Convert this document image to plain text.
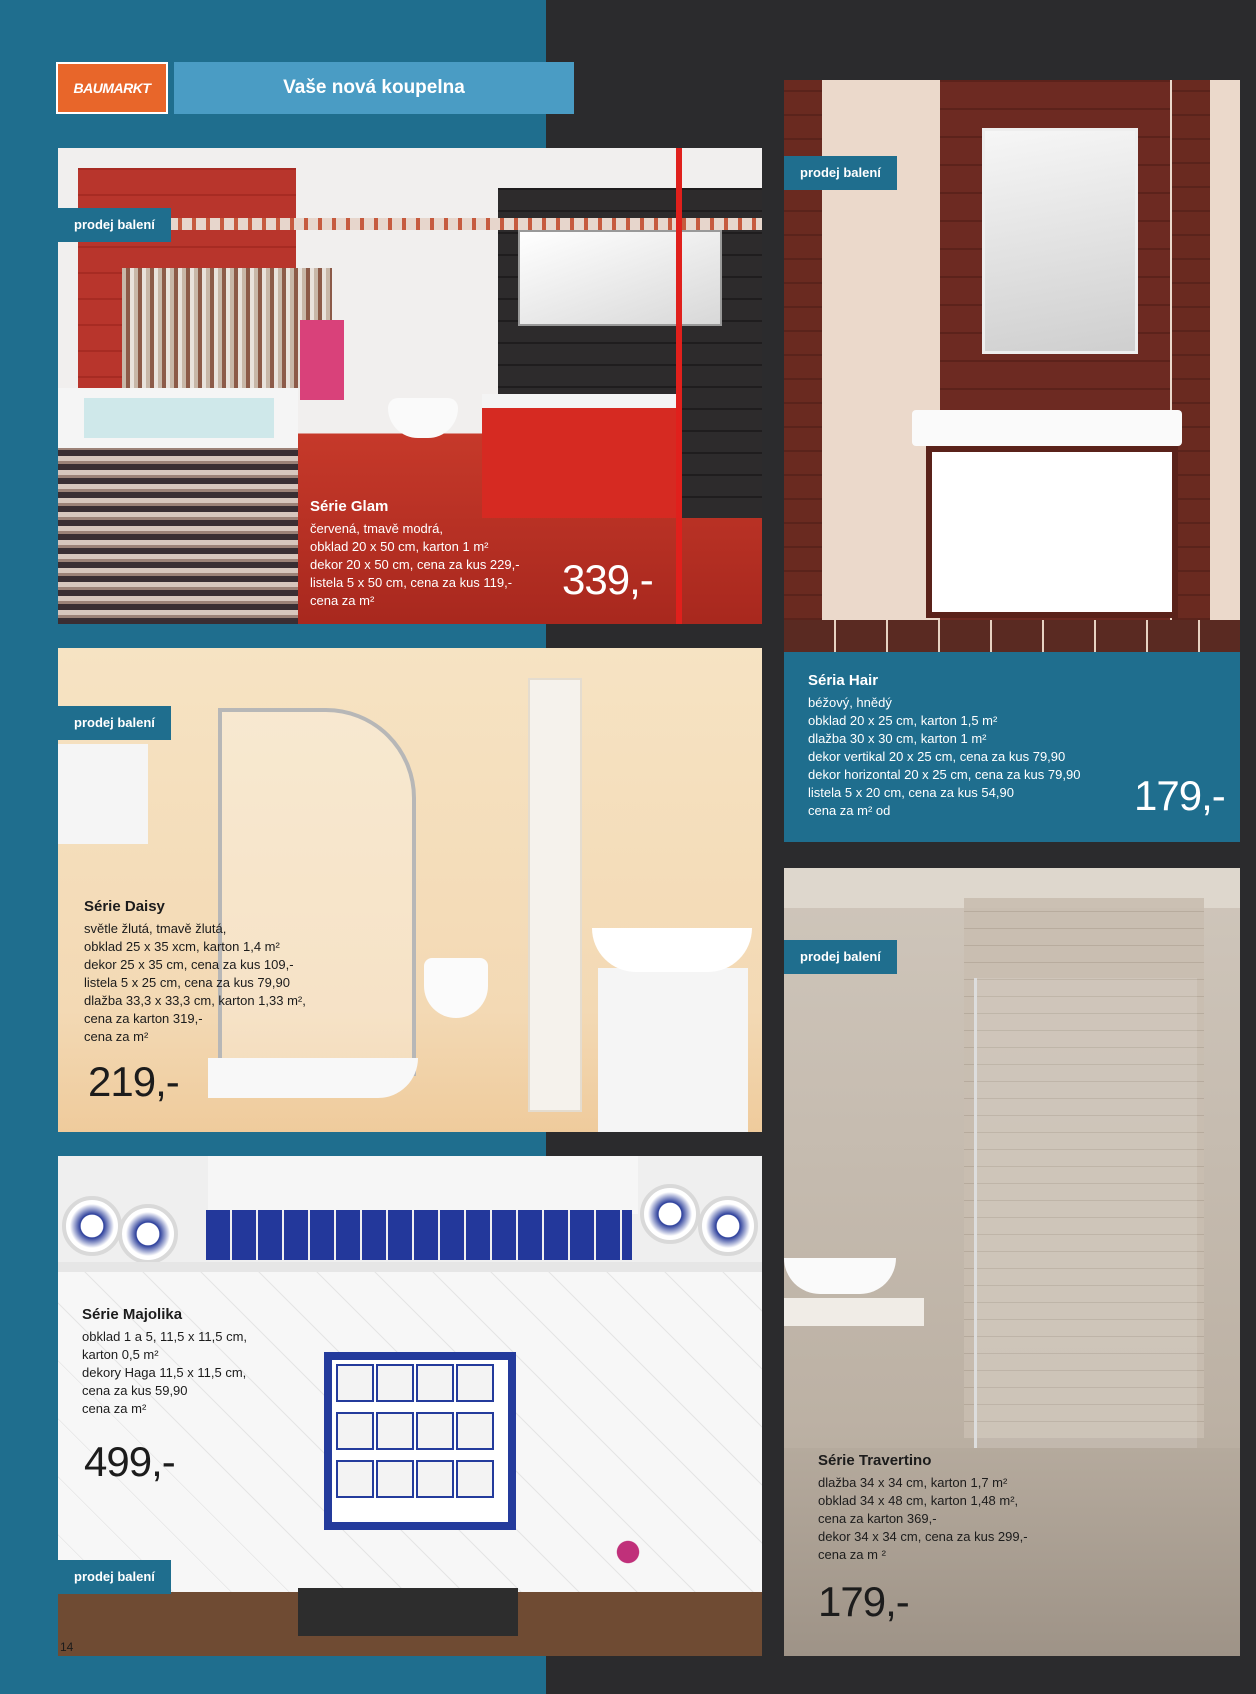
BAUMARKT	Vaše nová koupelna
prodej balení
Série Glam
červená, tmavě modrá,
obklad 20 x 50 cm, karton 1 m²
dekor 20 x 50 cm, cena za kus 229,-
listela 5 x 50 cm, cena za kus 119,-
cena za m²	339,-
prodej balení
Séria Hair
béžový, hnědý
obklad 20 x 25 cm, karton 1,5 m²
dlažba 30 x 30 cm, karton 1 m²
dekor vertikal 20 x 25 cm, cena za kus 79,90
dekor horizontal 20 x 25 cm, cena za kus 79,90
listela 5 x 20 cm, cena za kus 54,90
cena za m² od	179,-
prodej balení
Série Daisy
světle žlutá, tmavě žlutá,
obklad 25 x 35 xcm, karton 1,4 m²
dekor 25 x 35 cm, cena za kus 109,-
listela 5 x 25 cm, cena za kus 79,90
dlažba 33,3 x 33,3 cm, karton 1,33 m²,
cena za karton 319,-
cena za m²
219,-
prodej balení
Série Travertino
dlažba 34 x 34 cm, karton 1,7 m²
obklad 34 x 48 cm, karton 1,48 m²,
cena za karton 369,-
dekor 34 x 34 cm, cena za kus 299,-
cena za m ²
179,-
Série Majolika
obklad 1 a 5, 11,5 x 11,5 cm,
karton 0,5 m²
dekory Haga 11,5 x 11,5 cm,
cena za kus 59,90
cena za m²
499,-
prodej balení
14
